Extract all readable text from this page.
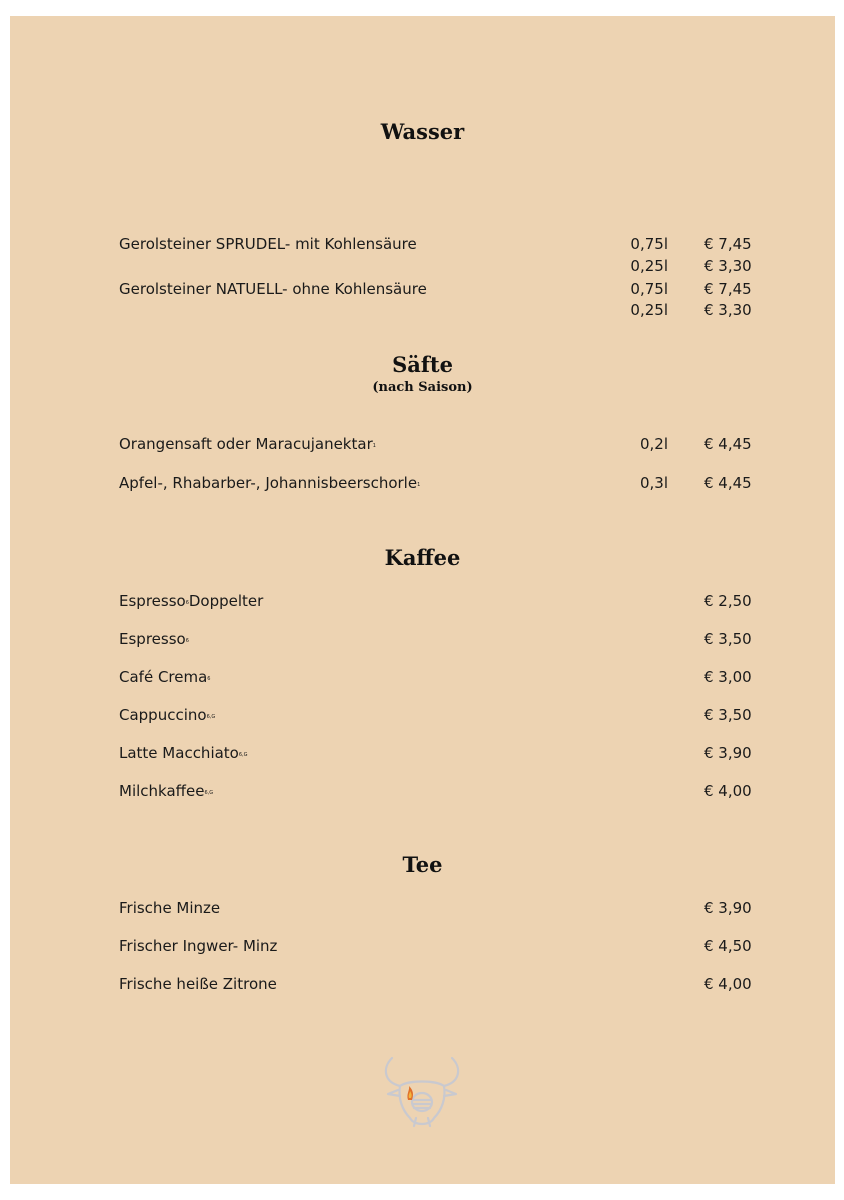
Wasser
Gerolsteiner SPRUDEL- mit Kohlensäure	0,75l € 7,45
0,25l € 3,30
Gerolsteiner NATUELL- ohne Kohlensäure	0,75l € 7,45
0,25l € 3,30
Säfte
(nach Saison)
Orangensaft oder Maracujanektar$^1$	0,2l € 4,45
Apfel-, Rhabarber-, Johannisbeerschorle$^1$	0,3l € 4,45
Kaffee
Espresso$^6$Doppelter	€ 2,50
Espresso$^6$	€ 3,50
Café Crema$^6$	€ 3,00
Cappuccino$^{6,G}$	€ 3,50
Latte Macchiato$^{6,G}$	€ 3,90
Milchkaffee$^{6,G}$	€ 4,00
Tee
Frische Minze	€ 3,90
Frischer Ingwer- Minz	€ 4,50
Frische heiße Zitrone	€ 4,00
